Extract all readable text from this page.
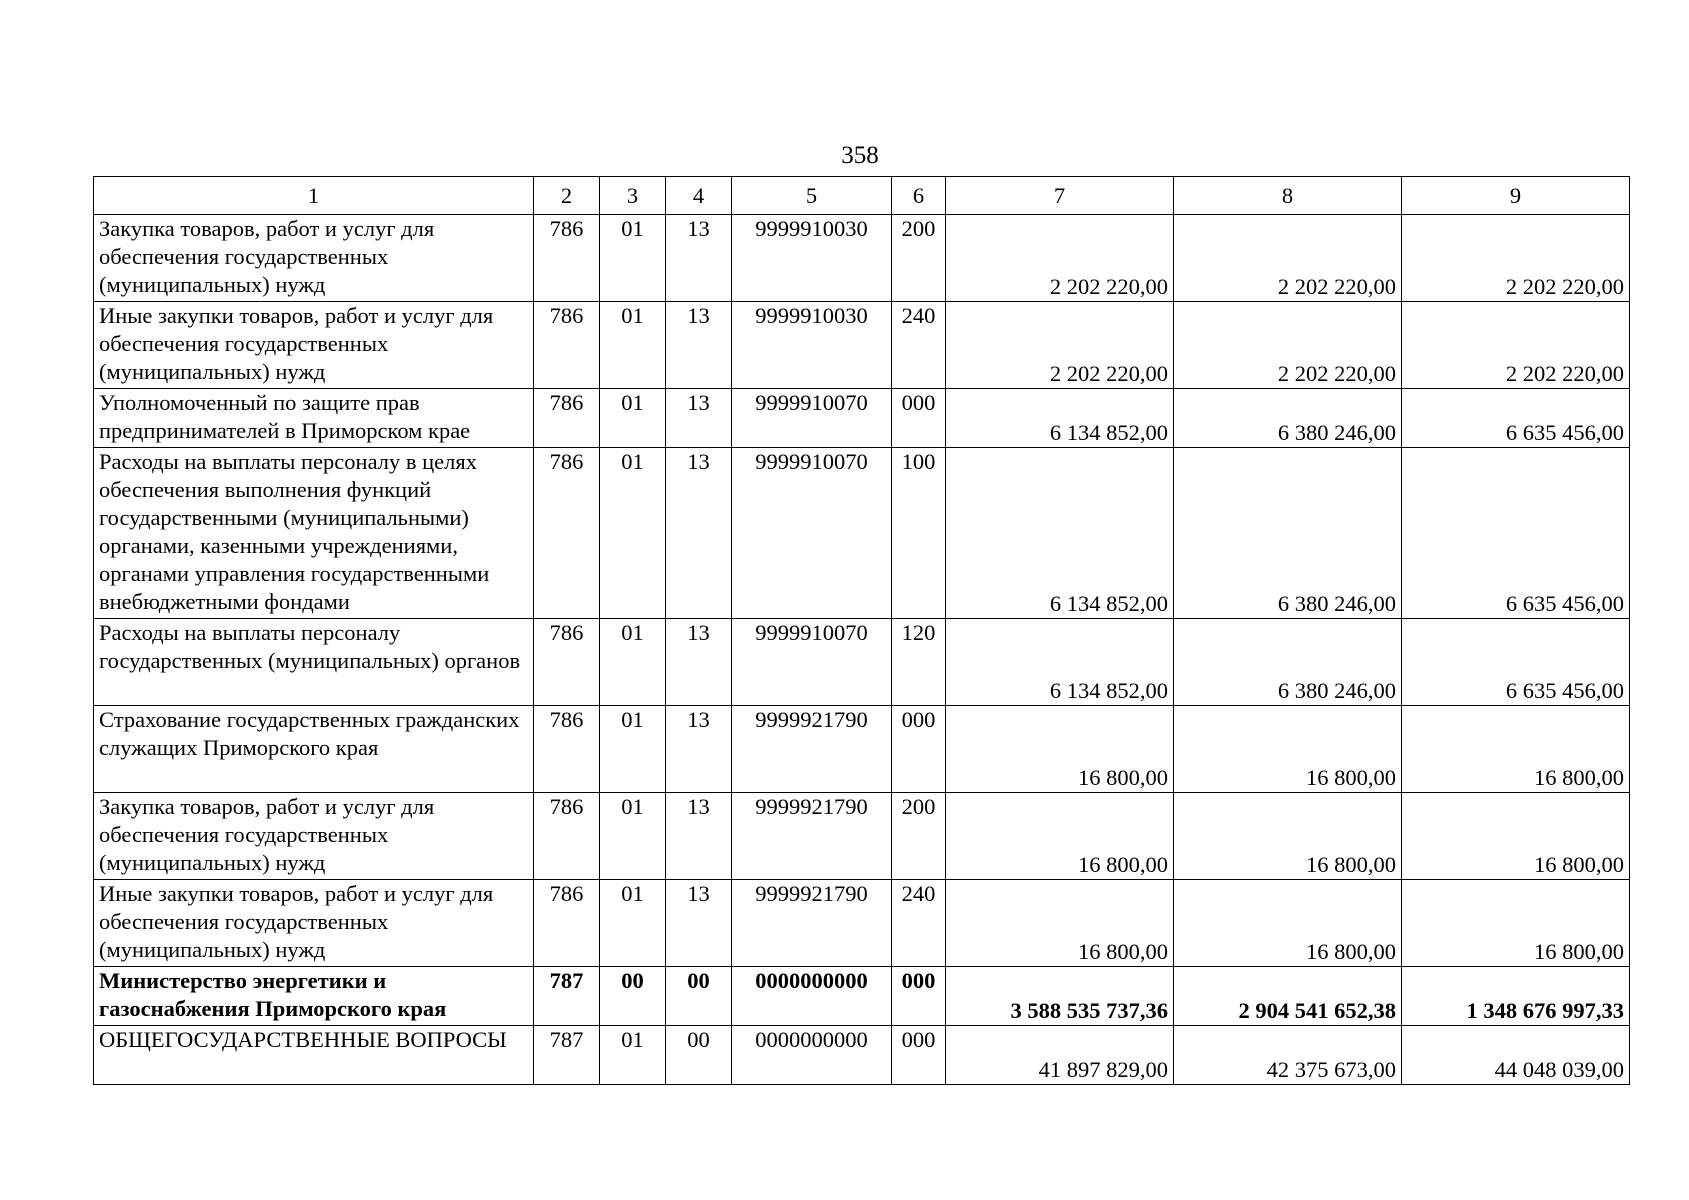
358
1	2	3	4	5	6	7	8	9
Закупка товаров, работ и услуг для обеспечения государственных (муниципальных) нужд	786	01	13	9999910030	200	2 202 220,00	2 202 220,00	2 202 220,00
Иные закупки товаров, работ и услуг для обеспечения государственных (муниципальных) нужд	786	01	13	9999910030	240	2 202 220,00	2 202 220,00	2 202 220,00
Уполномоченный по защите прав предпринимателей в Приморском крае	786	01	13	9999910070	000	6 134 852,00	6 380 246,00	6 635 456,00
Расходы на выплаты персоналу в целях обеспечения выполнения функций государственными (муниципальными) органами, казенными учреждениями, органами управления государственными внебюджетными фондами	786	01	13	9999910070	100	6 134 852,00	6 380 246,00	6 635 456,00
Расходы на выплаты персоналу государственных (муниципальных) органов	786	01	13	9999910070	120	6 134 852,00	6 380 246,00	6 635 456,00
Страхование государственных гражданских служащих Приморского края	786	01	13	9999921790	000	16 800,00	16 800,00	16 800,00
Закупка товаров, работ и услуг для обеспечения государственных (муниципальных) нужд	786	01	13	9999921790	200	16 800,00	16 800,00	16 800,00
Иные закупки товаров, работ и услуг для обеспечения государственных (муниципальных) нужд	786	01	13	9999921790	240	16 800,00	16 800,00	16 800,00
Министерство энергетики и газоснабжения Приморского края	787	00	00	0000000000	000	3 588 535 737,36	2 904 541 652,38	1 348 676 997,33
ОБЩЕГОСУДАРСТВЕННЫЕ ВОПРОСЫ	787	01	00	0000000000	000	41 897 829,00	42 375 673,00	44 048 039,00
